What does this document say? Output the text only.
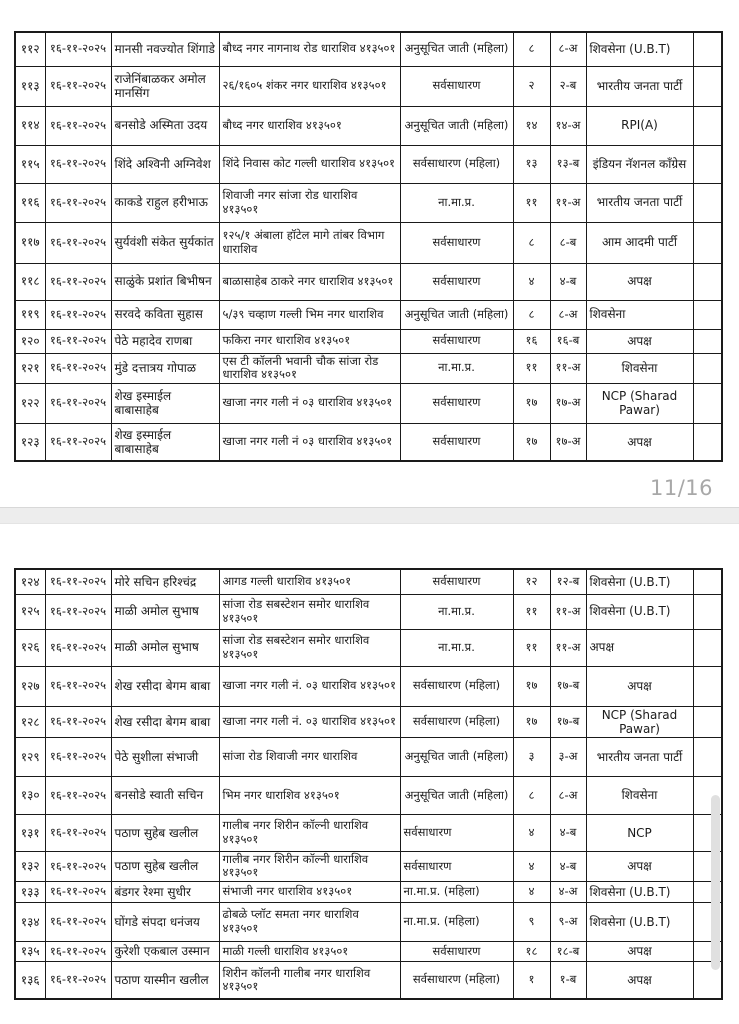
११२	१६-११-२०२५	मानसी नवज्योत शिंगाडे	बौध्द नगर नागनाथ रोड धाराशिव ४१३५०१	अनुसूचित जाती (महिला)	८	८-अ	शिवसेना (U.B.T)	
११३	१६-११-२०२५	राजेनिंबाळकर अमोल मानसिंग	२६/१६०५ शंकर नगर धाराशिव ४१३५०१	सर्वसाधारण	२	२-ब	भारतीय जनता पार्टी	
११४	१६-११-२०२५	बनसोडे अस्मिता उदय	बौध्द नगर धाराशिव ४१३५०१	अनुसूचित जाती (महिला)	१४	१४-अ	RPI(A)	
११५	१६-११-२०२५	शिंदे अश्विनी अग्निवेश	शिंदे निवास कोट गल्ली धाराशिव ४१३५०१	सर्वसाधारण (महिला)	१३	१३-ब	इंडियन नॅशनल कॉंग्रेस	
११६	१६-११-२०२५	काकडे राहुल हरीभाऊ	शिवाजी नगर सांजा रोड धाराशिव ४१३५०१	ना.मा.प्र.	११	११-अ	भारतीय जनता पार्टी	
११७	१६-११-२०२५	सुर्यवंशी संकेत सुर्यकांत	१२५/१ अंबाला हॉटेल मागे तांबर विभाग धाराशिव	सर्वसाधारण	८	८-ब	आम आदमी पार्टी	
११८	१६-११-२०२५	साळुंके प्रशांत बिभीषन	बाळासाहेब ठाकरे नगर धाराशिव ४१३५०१	सर्वसाधारण	४	४-ब	अपक्ष	
११९	१६-११-२०२५	सरवदे कविता सुहास	५/३९ चव्हाण गल्ली भिम नगर धाराशिव	अनुसूचित जाती (महिला)	८	८-अ	शिवसेना	
१२०	१६-११-२०२५	पेठे महादेव राणबा	फकिरा नगर धाराशिव ४१३५०१	सर्वसाधारण	१६	१६-ब	अपक्ष	
१२१	१६-११-२०२५	मुंडे दत्तात्रय गोपाळ	एस टी कॉलनी भवानी चौक सांजा रोड धाराशिव ४१३५०१	ना.मा.प्र.	११	११-अ	शिवसेना	
१२२	१६-११-२०२५	शेख इस्माईल बाबासाहेब	खाजा नगर गली नं ०३ धाराशिव ४१३५०१	सर्वसाधारण	१७	१७-अ	NCP (Sharad Pawar)	
१२३	१६-११-२०२५	शेख इस्माईल बाबासाहेब	खाजा नगर गली नं ०३ धाराशिव ४१३५०१	सर्वसाधारण	१७	१७-अ	अपक्ष	
11/16
१२४	१६-११-२०२५	मोरे सचिन हरिश्चंद्र	आगड गल्ली धाराशिव ४१३५०१	सर्वसाधारण	१२	१२-ब	शिवसेना (U.B.T)	
१२५	१६-११-२०२५	माळी अमोल सुभाष	सांजा रोड सबस्टेशन समोर धाराशिव ४१३५०१	ना.मा.प्र.	११	११-अ	शिवसेना (U.B.T)	
१२६	१६-११-२०२५	माळी अमोल सुभाष	सांजा रोड सबस्टेशन समोर धाराशिव ४१३५०१	ना.मा.प्र.	११	११-अ	अपक्ष	
१२७	१६-११-२०२५	शेख रसीदा बेगम बाबा	खाजा नगर गली नं. ०३ धाराशिव ४१३५०१	सर्वसाधारण (महिला)	१७	१७-ब	अपक्ष	
१२८	१६-११-२०२५	शेख रसीदा बेगम बाबा	खाजा नगर गली नं. ०३ धाराशिव ४१३५०१	सर्वसाधारण (महिला)	१७	१७-ब	NCP (Sharad Pawar)	
१२९	१६-११-२०२५	पेठे सुशीला संभाजी	सांजा रोड शिवाजी नगर धाराशिव	अनुसूचित जाती (महिला)	३	३-अ	भारतीय जनता पार्टी	
१३०	१६-११-२०२५	बनसोडे स्वाती सचिन	भिम नगर धाराशिव ४१३५०१	अनुसूचित जाती (महिला)	८	८-अ	शिवसेना	
१३१	१६-११-२०२५	पठाण सुहेब खलील	गालीब नगर शिरीन कॉल्नी धाराशिव ४१३५०१	सर्वसाधारण	४	४-ब	NCP	
१३२	१६-११-२०२५	पठाण सुहेब खलील	गालीब नगर शिरीन कॉल्नी धाराशिव ४१३५०१	सर्वसाधारण	४	४-ब	अपक्ष	
१३३	१६-११-२०२५	बंडगर रेश्मा सुधीर	संभाजी नगर धाराशिव ४१३५०१	ना.मा.प्र. (महिला)	४	४-अ	शिवसेना (U.B.T)	
१३४	१६-११-२०२५	घोंगडे संपदा धनंजय	ढोबळे प्लॉट समता नगर धाराशिव ४१३५०१	ना.मा.प्र. (महिला)	९	९-अ	शिवसेना (U.B.T)	
१३५	१६-११-२०२५	कुरेशी एकबाल उस्मान	माळी गल्ली धाराशिव ४१३५०१	सर्वसाधारण	१८	१८-ब	अपक्ष	
१३६	१६-११-२०२५	पठाण यास्मीन खलील	शिरीन कॉलनी गालीब नगर धाराशिव ४१३५०१	सर्वसाधारण (महिला)	१	१-ब	अपक्ष	
